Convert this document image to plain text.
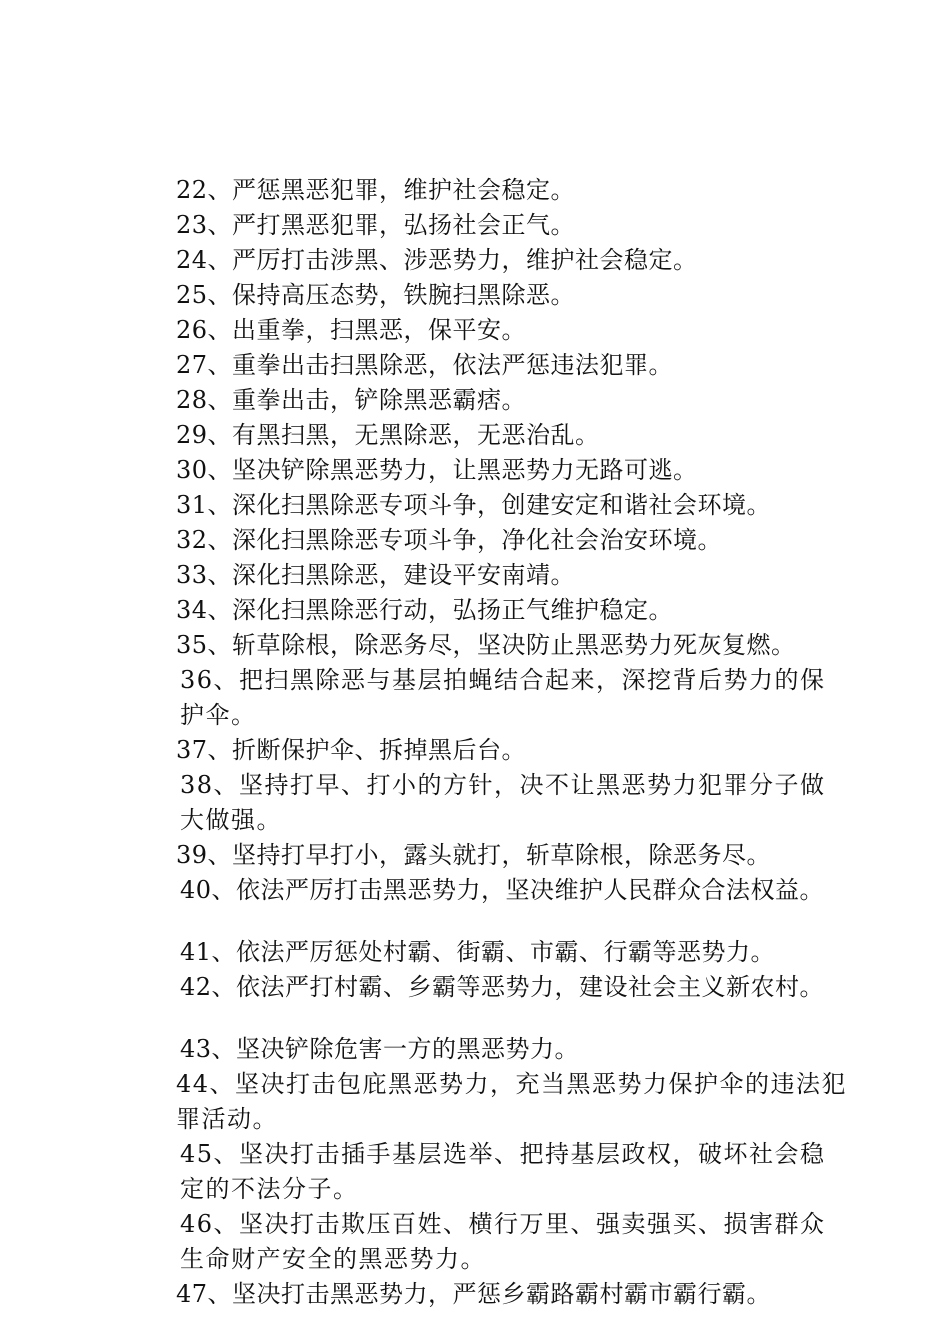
22、严惩黑恶犯罪，维护社会稳定。
23、严打黑恶犯罪，弘扬社会正气。
24、严厉打击涉黑、涉恶势力，维护社会稳定。
25、保持高压态势，铁腕扫黑除恶。
26、出重拳，扫黑恶，保平安。
27、重拳出击扫黑除恶，依法严惩违法犯罪。
28、重拳出击，铲除黑恶霸痞。
29、有黑扫黑，无黑除恶，无恶治乱。
30、坚决铲除黑恶势力，让黑恶势力无路可逃。
31、深化扫黑除恶专项斗争，创建安定和谐社会环境。
32、深化扫黑除恶专项斗争，净化社会治安环境。
33、深化扫黑除恶，建设平安南靖。
34、深化扫黑除恶行动，弘扬正气维护稳定。
35、斩草除根，除恶务尽，坚决防止黑恶势力死灰复燃。
36、把扫黑除恶与基层拍蝇结合起来，深挖背后势力的保护伞。
37、折断保护伞、拆掉黑后台。
38、坚持打早、打小的方针，决不让黑恶势力犯罪分子做大做强。
39、坚持打早打小，露头就打，斩草除根，除恶务尽。
40、依法严厉打击黑恶势力，坚决维护人民群众合法权益。
41、依法严厉惩处村霸、街霸、市霸、行霸等恶势力。
42、依法严打村霸、乡霸等恶势力，建设社会主义新农村。
43、坚决铲除危害一方的黑恶势力。
44、坚决打击包庇黑恶势力，充当黑恶势力保护伞的违法犯罪活动。
45、坚决打击插手基层选举、把持基层政权，破坏社会稳定的不法分子。
46、坚决打击欺压百姓、横行万里、强卖强买、损害群众生命财产安全的黑恶势力。
47、坚决打击黑恶势力，严惩乡霸路霸村霸市霸行霸。
